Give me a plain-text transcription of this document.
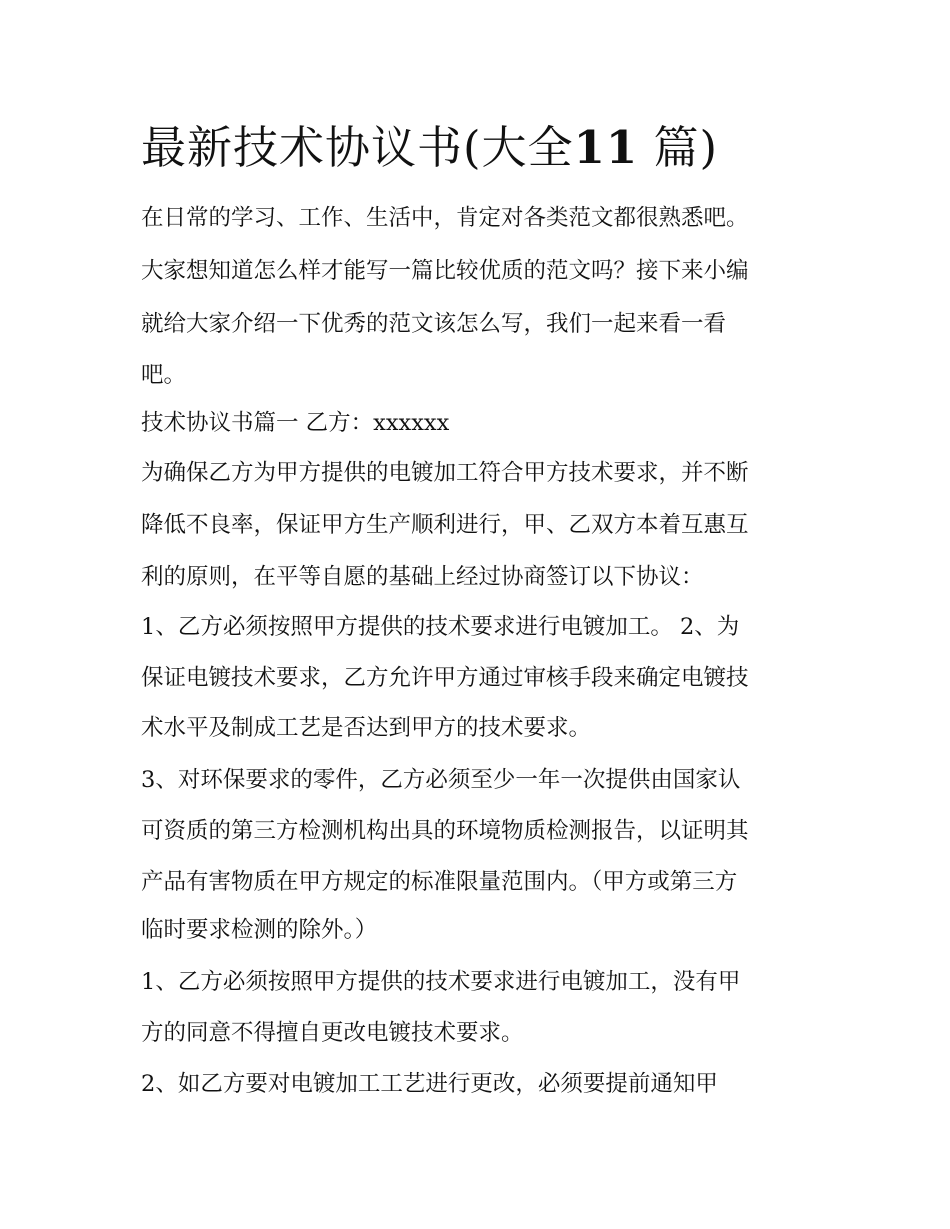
最新技术协议书(大全11 篇)

在日常的学习、工作、生活中，肯定对各类范文都很熟悉吧。

大家想知道怎么样才能写一篇比较优质的范文吗？接下来小编

就给大家介绍一下优秀的范文该怎么写，我们一起来看一看

吧。

技术协议书篇一 乙方：xxxxxx

为确保乙方为甲方提供的电镀加工符合甲方技术要求，并不断

降低不良率，保证甲方生产顺利进行，甲、乙双方本着互惠互

利的原则，在平等自愿的基础上经过协商签订以下协议：

1、乙方必须按照甲方提供的技术要求进行电镀加工。 2、为

保证电镀技术要求，乙方允许甲方通过审核手段来确定电镀技

术水平及制成工艺是否达到甲方的技术要求。

3、对环保要求的零件，乙方必须至少一年一次提供由国家认

可资质的第三方检测机构出具的环境物质检测报告，以证明其

产品有害物质在甲方规定的标准限量范围内。（甲方或第三方

临时要求检测的除外。）

1、乙方必须按照甲方提供的技术要求进行电镀加工，没有甲

方的同意不得擅自更改电镀技术要求。

2、如乙方要对电镀加工工艺进行更改，必须要提前通知甲
